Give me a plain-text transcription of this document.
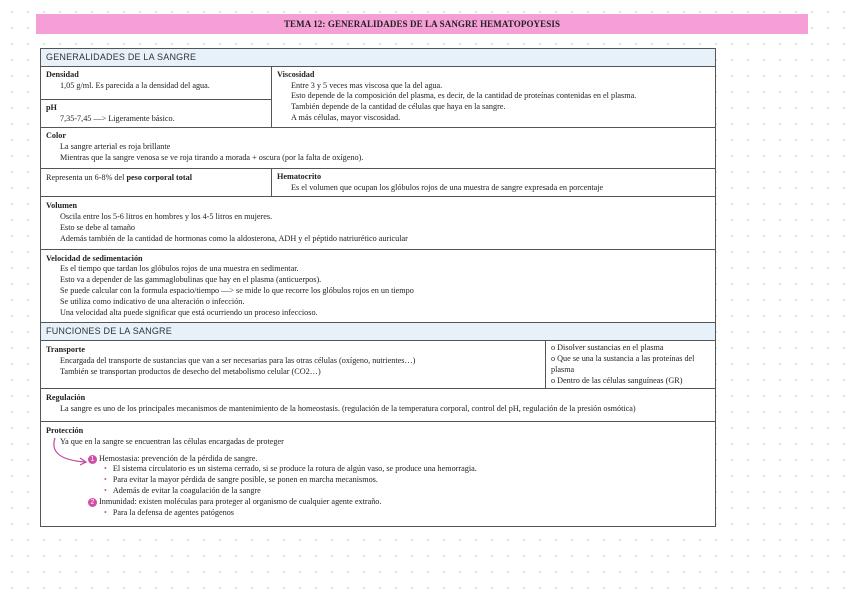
TEMA 12: GENERALIDADES DE LA SANGRE HEMATOPOYESIS
GENERALIDADES DE LA SANGRE
Densidad
1,05 g/ml. Es parecida a la densidad del agua.
pH
7,35-7,45 —> Ligeramente básico.
Viscosidad
Entre 3 y 5 veces mas viscosa que la del agua.
Esto depende de la composición del plasma, es decir, de la cantidad de proteínas contenidas en el plasma.
También depende de la cantidad de células que haya en la sangre.
A más células, mayor viscosidad.
Color
La sangre arterial es roja brillante
Mientras que la sangre venosa se ve roja tirando a morada + oscura (por la falta de oxígeno).
Representa un 6-8% del peso corporal total	Hematocrito
Es el volumen que ocupan los glóbulos rojos de una muestra de sangre expresada en porcentaje
Volumen
Oscila entre los 5-6 litros en hombres y los 4-5 litros en mujeres.
Esto se debe al tamaño
Además también de la cantidad de hormonas como la aldosterona, ADH y el péptido natriurético auricular
Velocidad de sedimentación
Es el tiempo que tardan los glóbulos rojos de una muestra en sedimentar.
Esto va a depender de las gammaglobulinas que hay en el plasma (anticuerpos).
Se puede calcular con la formula espacio/tiempo —> se mide lo que recorre los glóbulos rojos en un tiempo
Se utiliza como indicativo de una alteración o infección.
Una velocidad alta puede significar que está ocurriendo un proceso infeccioso.
FUNCIONES DE LA SANGRE
Transporte
Encargada del transporte de sustancias que van a ser necesarias para las otras células (oxígeno, nutrientes…)
También se transportan productos de desecho del metabolismo celular (CO2…)
o Disolver sustancias en el plasma
o Que se una la sustancia a las proteínas del plasma
o Dentro de las células sanguíneas (GR)
Regulación
La sangre es uno de los principales mecanismos de mantenimiento de la homeostasis. (regulación de la temperatura corporal, control del pH, regulación de la presión osmótica)
Protección
Ya que en la sangre se encuentran las células encargadas de proteger
1 Hemostasia: prevención de la pérdida de sangre.
• El sistema circulatorio es un sistema cerrado, si se produce la rotura de algún vaso, se produce una hemorragia.
• Para evitar la mayor pérdida de sangre posible, se ponen en marcha mecanismos.
• Además de evitar la coagulación de la sangre
2 Inmunidad: existen moléculas para proteger al organismo de cualquier agente extraño.
• Para la defensa de agentes patógenos
